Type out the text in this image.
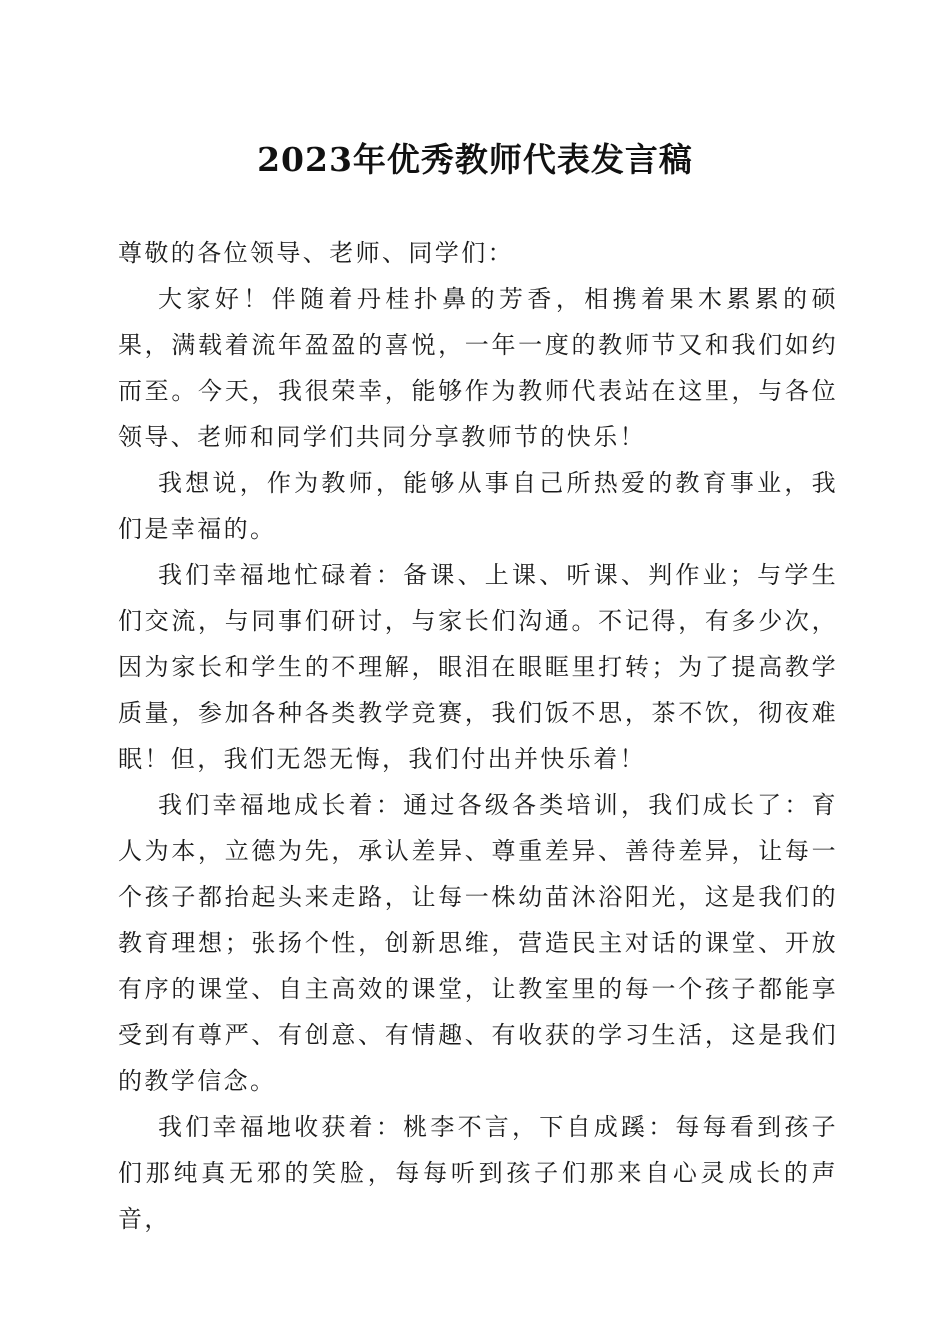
2023年优秀教师代表发言稿

尊敬的各位领导、老师、同学们：

大家好！伴随着丹桂扑鼻的芳香，相携着果木累累的硕果，满载着流年盈盈的喜悦，一年一度的教师节又和我们如约而至。今天，我很荣幸，能够作为教师代表站在这里，与各位领导、老师和同学们共同分享教师节的快乐！

我想说，作为教师，能够从事自己所热爱的教育事业，我们是幸福的。

我们幸福地忙碌着：备课、上课、听课、判作业；与学生们交流，与同事们研讨，与家长们沟通。不记得，有多少次，因为家长和学生的不理解，眼泪在眼眶里打转；为了提高教学质量，参加各种各类教学竞赛，我们饭不思，茶不饮，彻夜难眠！但，我们无怨无悔，我们付出并快乐着！

我们幸福地成长着：通过各级各类培训，我们成长了：育人为本，立德为先，承认差异、尊重差异、善待差异，让每一个孩子都抬起头来走路，让每一株幼苗沐浴阳光，这是我们的教育理想；张扬个性，创新思维，营造民主对话的课堂、开放有序的课堂、自主高效的课堂，让教室里的每一个孩子都能享受到有尊严、有创意、有情趣、有收获的学习生活，这是我们的教学信念。

我们幸福地收获着：桃李不言，下自成蹊：每每看到孩子们那纯真无邪的笑脸，每每听到孩子们那来自心灵成长的声音，
